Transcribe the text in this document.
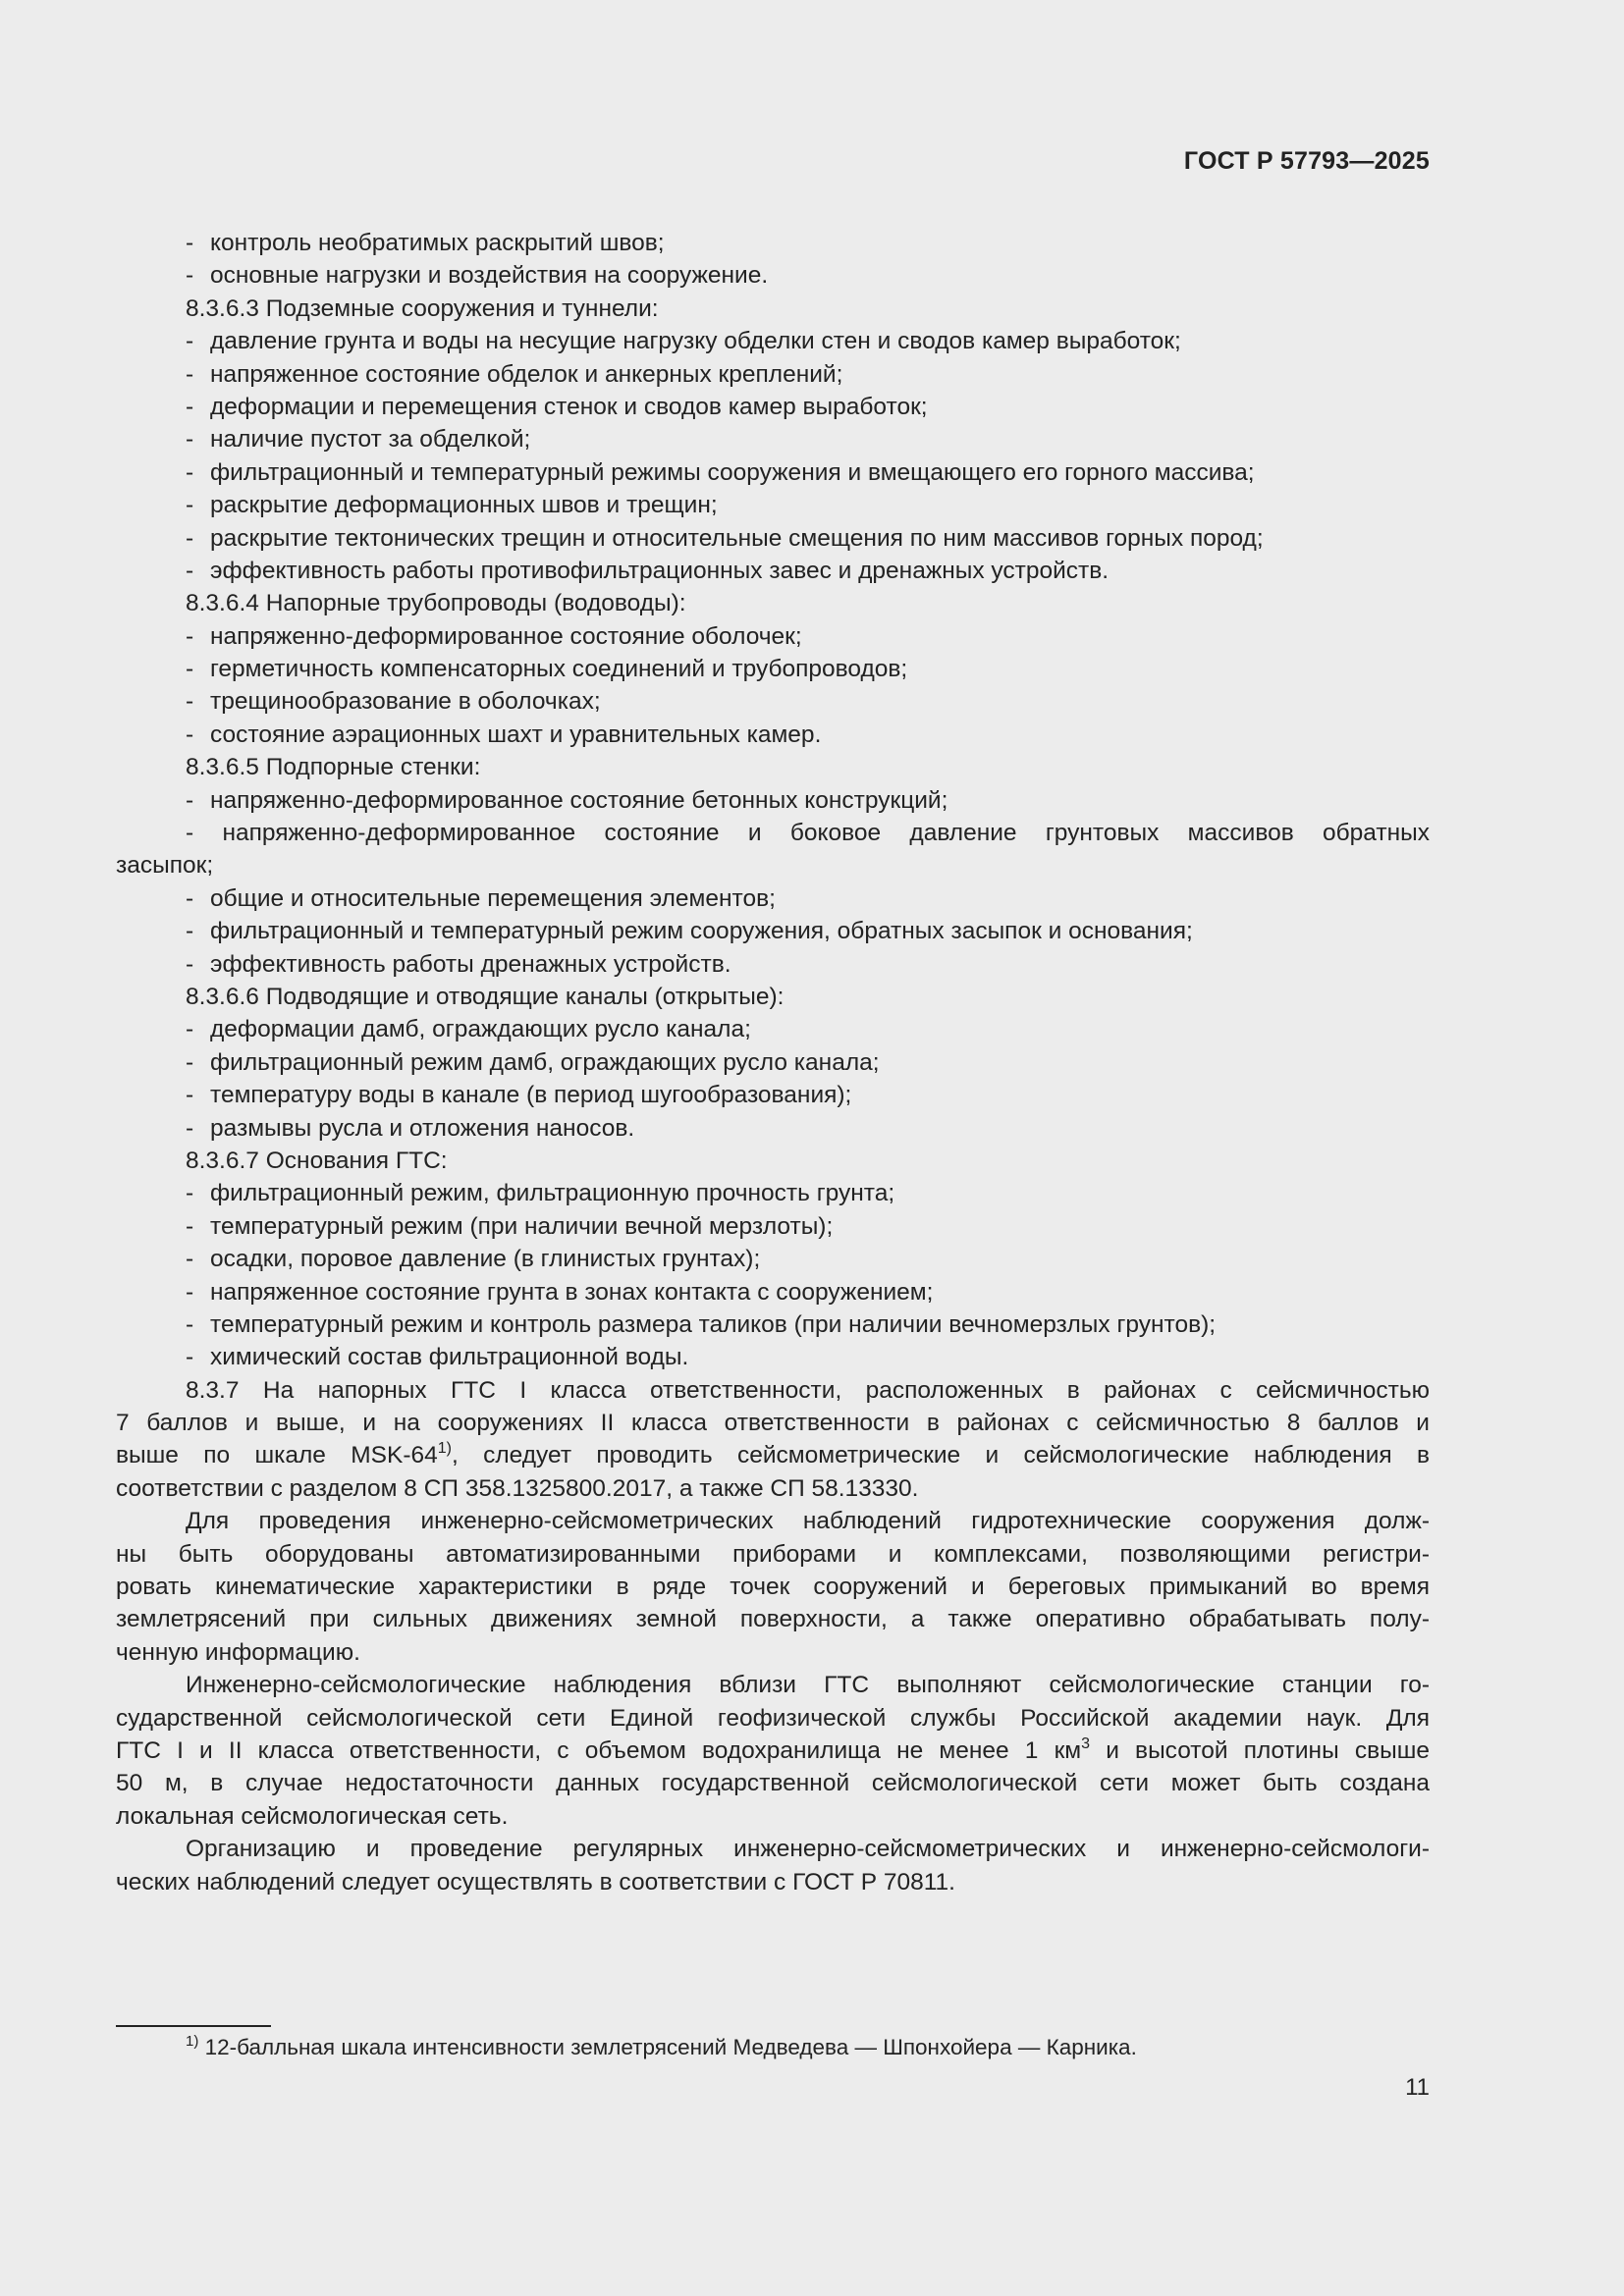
ГОСТ Р 57793—2025
- контроль необратимых раскрытий швов;
- основные нагрузки и воздействия на сооружение.
8.3.6.3 Подземные сооружения и туннели:
- давление грунта и воды на несущие нагрузку обделки стен и сводов камер выработок;
- напряженное состояние обделок и анкерных креплений;
- деформации и перемещения стенок и сводов камер выработок;
- наличие пустот за обделкой;
- фильтрационный и температурный режимы сооружения и вмещающего его горного массива;
- раскрытие деформационных швов и трещин;
- раскрытие тектонических трещин и относительные смещения по ним массивов горных пород;
- эффективность работы противофильтрационных завес и дренажных устройств.
8.3.6.4 Напорные трубопроводы (водоводы):
- напряженно-деформированное состояние оболочек;
- герметичность компенсаторных соединений и трубопроводов;
- трещинообразование в оболочках;
- состояние аэрационных шахт и уравнительных камер.
8.3.6.5 Подпорные стенки:
- напряженно-деформированное состояние бетонных конструкций;
- напряженно-деформированное состояние и боковое давление грунтовых массивов обратных
засыпок;
- общие и относительные перемещения элементов;
- фильтрационный и температурный режим сооружения, обратных засыпок и основания;
- эффективность работы дренажных устройств.
8.3.6.6 Подводящие и отводящие каналы (открытые):
- деформации дамб, ограждающих русло канала;
- фильтрационный режим дамб, ограждающих русло канала;
- температуру воды в канале (в период шугообразования);
- размывы русла и отложения наносов.
8.3.6.7 Основания ГТС:
- фильтрационный режим, фильтрационную прочность грунта;
- температурный режим (при наличии вечной мерзлоты);
- осадки, поровое давление (в глинистых грунтах);
- напряженное состояние грунта в зонах контакта с сооружением;
- температурный режим и контроль размера таликов (при наличии вечномерзлых грунтов);
- химический состав фильтрационной воды.
8.3.7 На напорных ГТС I класса ответственности, расположенных в районах с сейсмичностью
7 баллов и выше, и на сооружениях II класса ответственности в районах с сейсмичностью 8 баллов и
выше по шкале MSK-64$^{1)}$, следует проводить сейсмометрические и сейсмологические наблюдения в
соответствии с разделом 8 СП 358.1325800.2017, а также СП 58.13330.
Для проведения инженерно-сейсмометрических наблюдений гидротехнические сооружения долж-
ны быть оборудованы автоматизированными приборами и комплексами, позволяющими регистри-
ровать кинематические характеристики в ряде точек сооружений и береговых примыканий во время
землетрясений при сильных движениях земной поверхности, а также оперативно обрабатывать полу-
ченную информацию.
Инженерно-сейсмологические наблюдения вблизи ГТС выполняют сейсмологические станции го-
сударственной сейсмологической сети Единой геофизической службы Российской академии наук. Для
ГТС I и II класса ответственности, с объемом водохранилища не менее 1 $км^3$ и высотой плотины свыше
50 м, в случае недостаточности данных государственной сейсмологической сети может быть создана
локальная сейсмологическая сеть.
Организацию и проведение регулярных инженерно-сейсмометрических и инженерно-сейсмологи-
ческих наблюдений следует осуществлять в соответствии с ГОСТ Р 70811.
$^{1)}$ 12-балльная шкала интенсивности землетрясений Медведева — Шпонхойера — Карника.
11
